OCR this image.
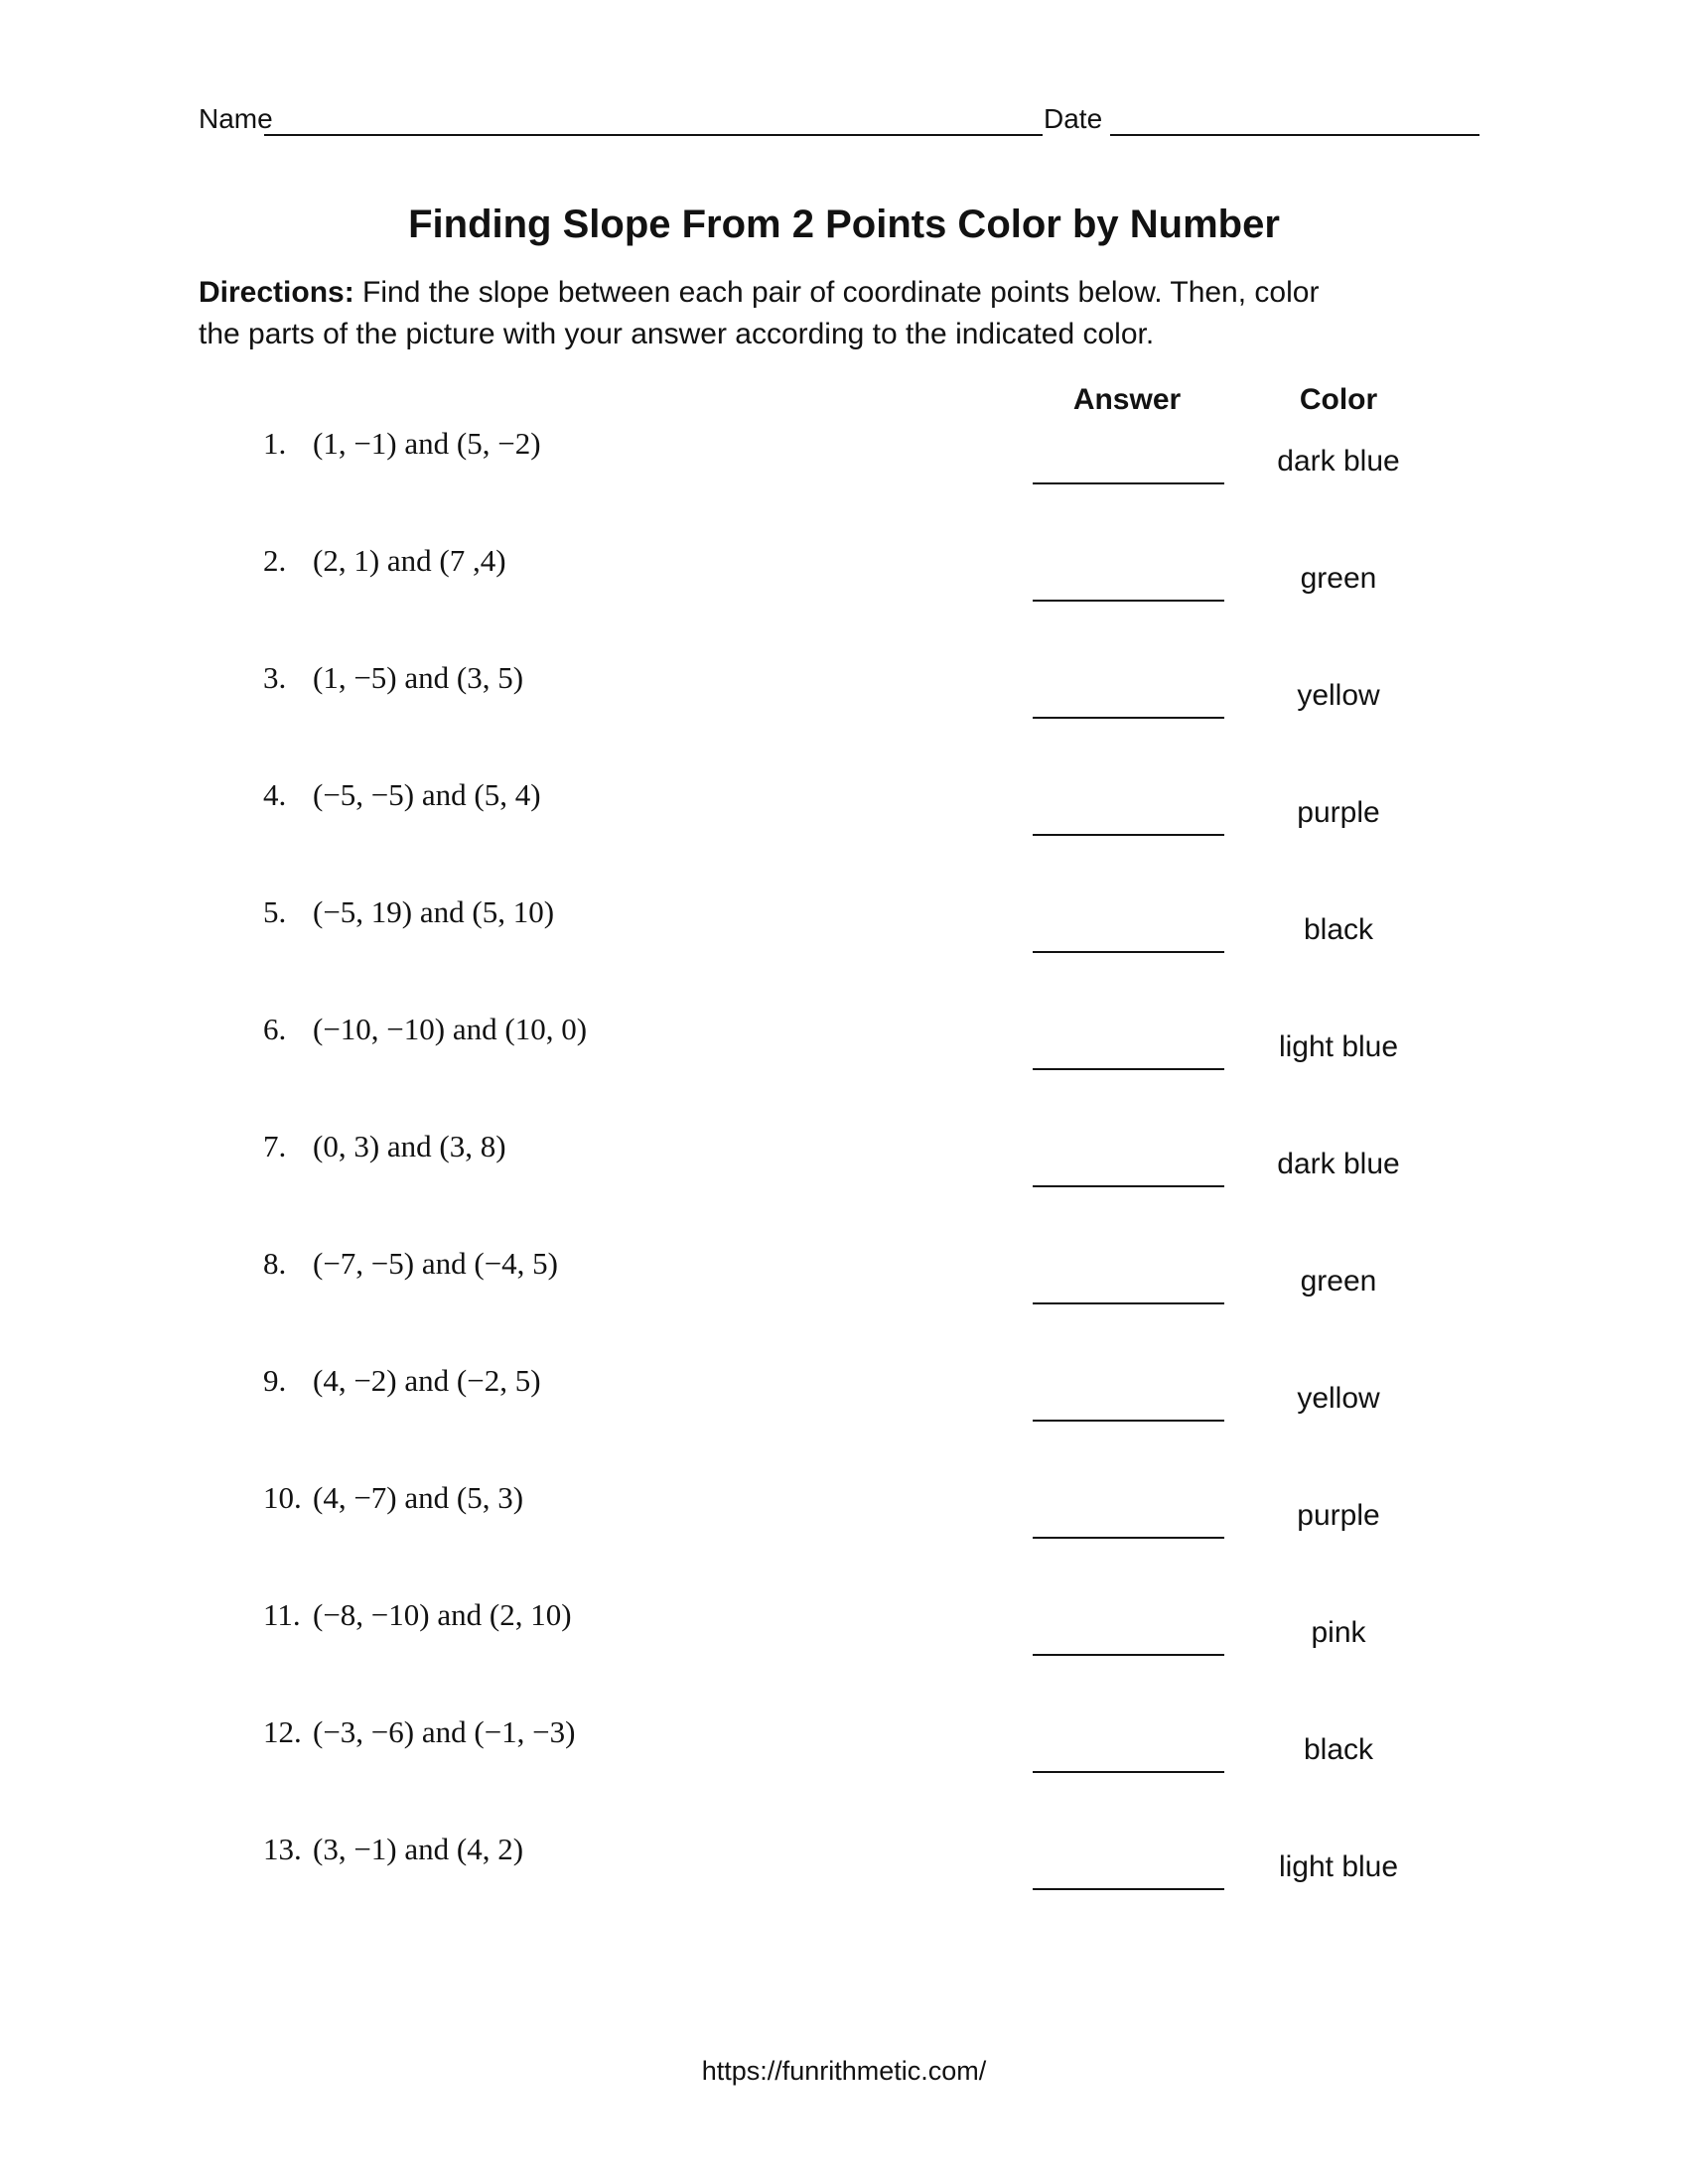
Name	Date
Finding Slope From 2 Points Color by Number
Directions: Find the slope between each pair of coordinate points below. Then, color
the parts of the picture with your answer according to the indicated color.
Answer	Color
1. (1, −1) and (5, −2)
dark blue
2. (2, 1) and (7 ,4)
green
3. (1, −5) and (3, 5)
yellow
4. (−5, −5) and (5, 4)
purple
5. (−5, 19) and (5, 10)
black
6. (−10, −10) and (10, 0)
light blue
7. (0, 3) and (3, 8)
dark blue
8. (−7, −5) and (−4, 5)
green
9. (4, −2) and (−2, 5)
yellow
10. (4, −7) and (5, 3)
purple
11. (−8, −10) and (2, 10)
pink
12. (−3, −6) and (−1, −3)
black
13. (3, −1) and (4, 2)
light blue
https://funrithmetic.com/
